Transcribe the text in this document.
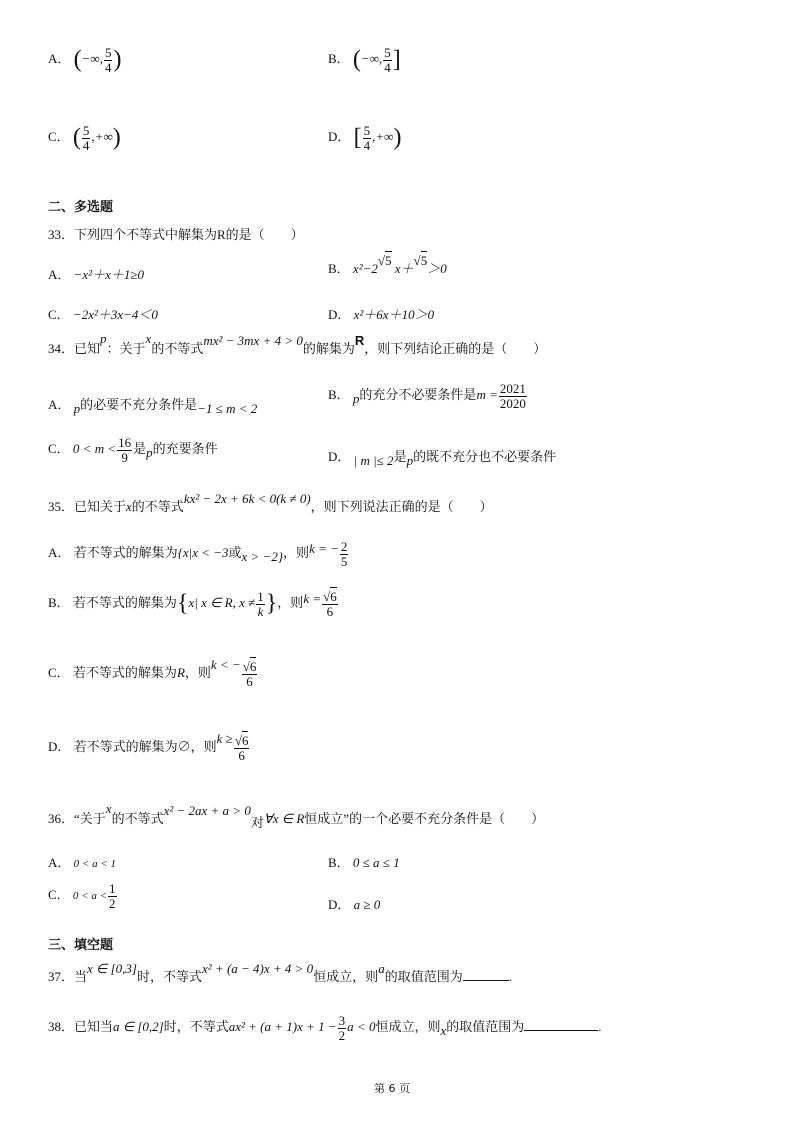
A． (−∞, $\frac{5}{4}$ )	B． (−∞, $\frac{5}{4}$ ]
C． ( $\frac{5}{4}$ ,+∞)	D． [ $\frac{5}{4}$ ,+∞)
二、多选题
33．下列四个不等式中解集为R的是（　　）
A． −x²＋x＋1≥0	B． x²−2√5 x＋√5＞0
C． −2x²＋3x−4＜0	D． x²＋6x＋10＞0
34．已知p：关于x的不等式mx² − 3mx + 4 > 0的解集为R，则下列结论正确的是（　　）
A． p的必要不充分条件是−1 ≤ m < 2
B． p的充分不必要条件是$m = \frac{2021}{2020}$
C． $0 < m < \frac{16}{9}$ 是p的充要条件
D． | m |≤ 2是p的既不充分也不必要条件
35．已知关于x的不等式kx² − 2x + 6k < 0(k ≠ 0)，则下列说法正确的是（　　）
A． 若不等式的解集为{x|x < −3或x > −2}，则k = − $\frac{2}{5}$
B． 若不等式的解集为{x| x ∈ R, $x \ne \frac{1}{k}$ }，则$k = \frac{√6}{6}$
C． 若不等式的解集为R，则k < − $\frac{√6}{6}$
D． 若不等式的解集为∅，则$k \ge \frac{√6}{6}$
36．“关于x的不等式x² − 2ax + a > 0对∀x ∈ R恒成立”的一个必要不充分条件是（　　）
A． 0 < a < 1	B． 0 ≤ a ≤ 1
C． $0 < a < \frac{1}{2}$	D． a ≥ 0
三、填空题
37．当x ∈ [0,3]时，不等式x² + (a − 4)x + 4 > 0恒成立，则a的取值范围为	.
38．已知当a ∈ [0,2]时，不等式$ax^2 + (a + 1)x + 1 - \frac{3}{2}$ a < 0恒成立，则x的取值范围为	.
第 6 页
